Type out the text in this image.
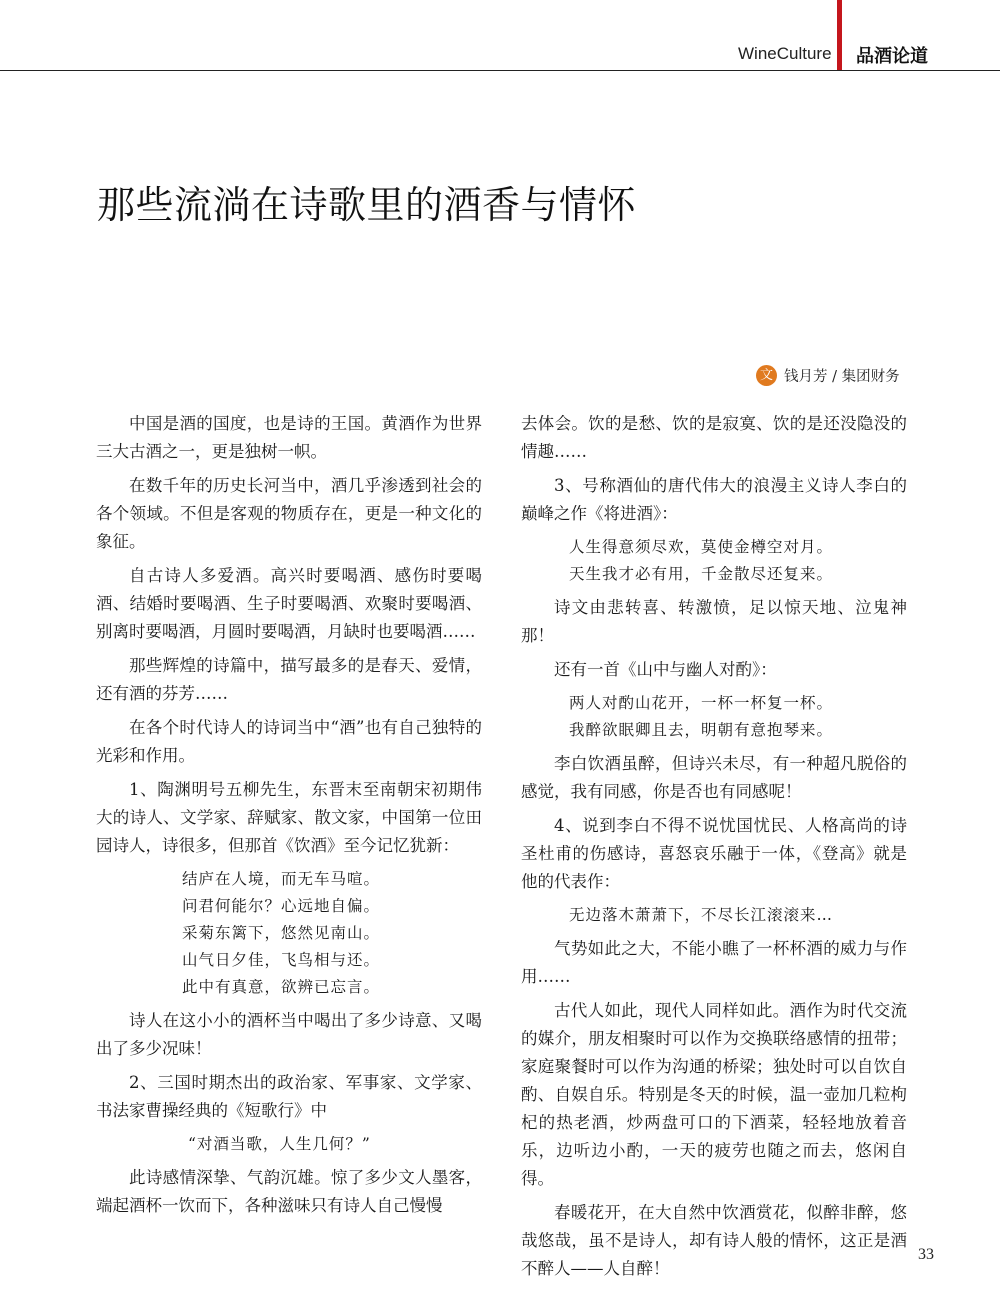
WineCulture 品酒论道
那些流淌在诗歌里的酒香与情怀
文 钱月芳 / 集团财务

中国是酒的国度，也是诗的王国。黄酒作为世界三大古酒之一，更是独树一帜。

在数千年的历史长河当中，酒几乎渗透到社会的各个领域。不但是客观的物质存在，更是一种文化的象征。

自古诗人多爱酒。高兴时要喝酒、感伤时要喝酒、结婚时要喝酒、生子时要喝酒、欢聚时要喝酒、别离时要喝酒，月圆时要喝酒，月缺时也要喝酒……

那些辉煌的诗篇中，描写最多的是春天、爱情，还有酒的芬芳……

在各个时代诗人的诗词当中“酒”也有自己独特的光彩和作用。

1、陶渊明号五柳先生，东晋末至南朝宋初期伟大的诗人、文学家、辞赋家、散文家，中国第一位田园诗人，诗很多，但那首《饮酒》至今记忆犹新：

结庐在人境，而无车马喧。
问君何能尔？心远地自偏。
采菊东篱下，悠然见南山。
山气日夕佳，飞鸟相与还。
此中有真意，欲辨已忘言。

诗人在这小小的酒杯当中喝出了多少诗意、又喝出了多少况味！

2、三国时期杰出的政治家、军事家、文学家、书法家曹操经典的《短歌行》中

“对酒当歌，人生几何？”

此诗感情深挚、气韵沉雄。惊了多少文人墨客，端起酒杯一饮而下，各种滋味只有诗人自己慢慢

去体会。饮的是愁、饮的是寂寞、饮的是还没隐没的情趣……

3、号称酒仙的唐代伟大的浪漫主义诗人李白的巅峰之作《将进酒》：

人生得意须尽欢，莫使金樽空对月。
天生我才必有用，千金散尽还复来。

诗文由悲转喜、转激愤，足以惊天地、泣鬼神那！

还有一首《山中与幽人对酌》：

两人对酌山花开，一杯一杯复一杯。
我醉欲眠卿且去，明朝有意抱琴来。

李白饮酒虽醉，但诗兴未尽，有一种超凡脱俗的感觉，我有同感，你是否也有同感呢！

4、说到李白不得不说忧国忧民、人格高尚的诗圣杜甫的伤感诗，喜怒哀乐融于一体，《登高》就是他的代表作：

无边落木萧萧下，不尽长江滚滚来…

气势如此之大，不能小瞧了一杯杯酒的威力与作用……

古代人如此，现代人同样如此。酒作为时代交流的媒介，朋友相聚时可以作为交换联络感情的扭带；家庭聚餐时可以作为沟通的桥梁；独处时可以自饮自酌、自娱自乐。特别是冬天的时候，温一壶加几粒枸杞的热老酒，炒两盘可口的下酒菜，轻轻地放着音乐，边听边小酌，一天的疲劳也随之而去，悠闲自得。

春暖花开，在大自然中饮酒赏花，似醉非醉，悠哉悠哉，虽不是诗人，却有诗人般的情怀，这正是酒不醉人——人自醉！

33
